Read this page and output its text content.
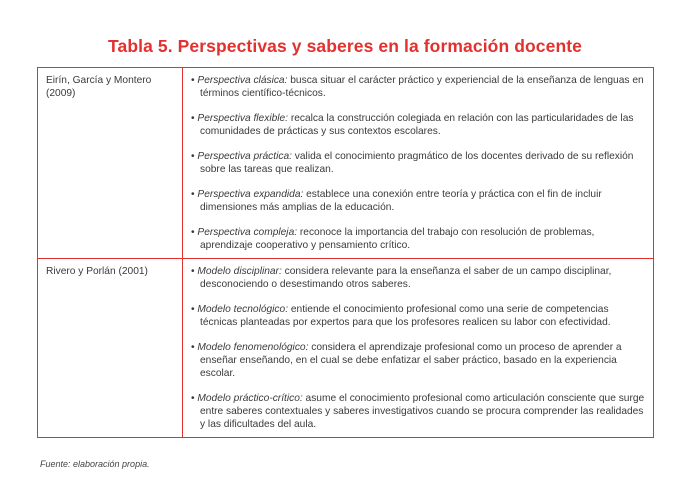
Tabla 5. Perspectivas y saberes en la formación docente
Eirín, García y Montero (2009)	• Perspectiva clásica: busca situar el carácter práctico y experiencial de la enseñanza de lenguas en términos científico-técnicos.
• Perspectiva flexible: recalca la construcción colegiada en relación con las particularidades de las comunidades de prácticas y sus contextos escolares.
• Perspectiva práctica: valida el conocimiento pragmático de los docentes derivado de su reflexión sobre las tareas que realizan.
• Perspectiva expandida: establece una conexión entre teoría y práctica con el fin de incluir dimensiones más amplias de la educación.
• Perspectiva compleja: reconoce la importancia del trabajo con resolución de problemas, aprendizaje cooperativo y pensamiento crítico.

Rivero y Porlán (2001)	• Modelo disciplinar: considera relevante para la enseñanza el saber de un campo disciplinar, desconociendo o desestimando otros saberes.
• Modelo tecnológico: entiende el conocimiento profesional como una serie de competencias técnicas planteadas por expertos para que los profesores realicen su labor con efectividad.
• Modelo fenomenológico: considera el aprendizaje profesional como un proceso de aprender a enseñar enseñando, en el cual se debe enfatizar el saber práctico, basado en la experiencia escolar.
• Modelo práctico-crítico: asume el conocimiento profesional como articulación consciente que surge entre saberes contextuales y saberes investigativos cuando se procura comprender las realidades y las dificultades del aula.
Fuente: elaboración propia.
